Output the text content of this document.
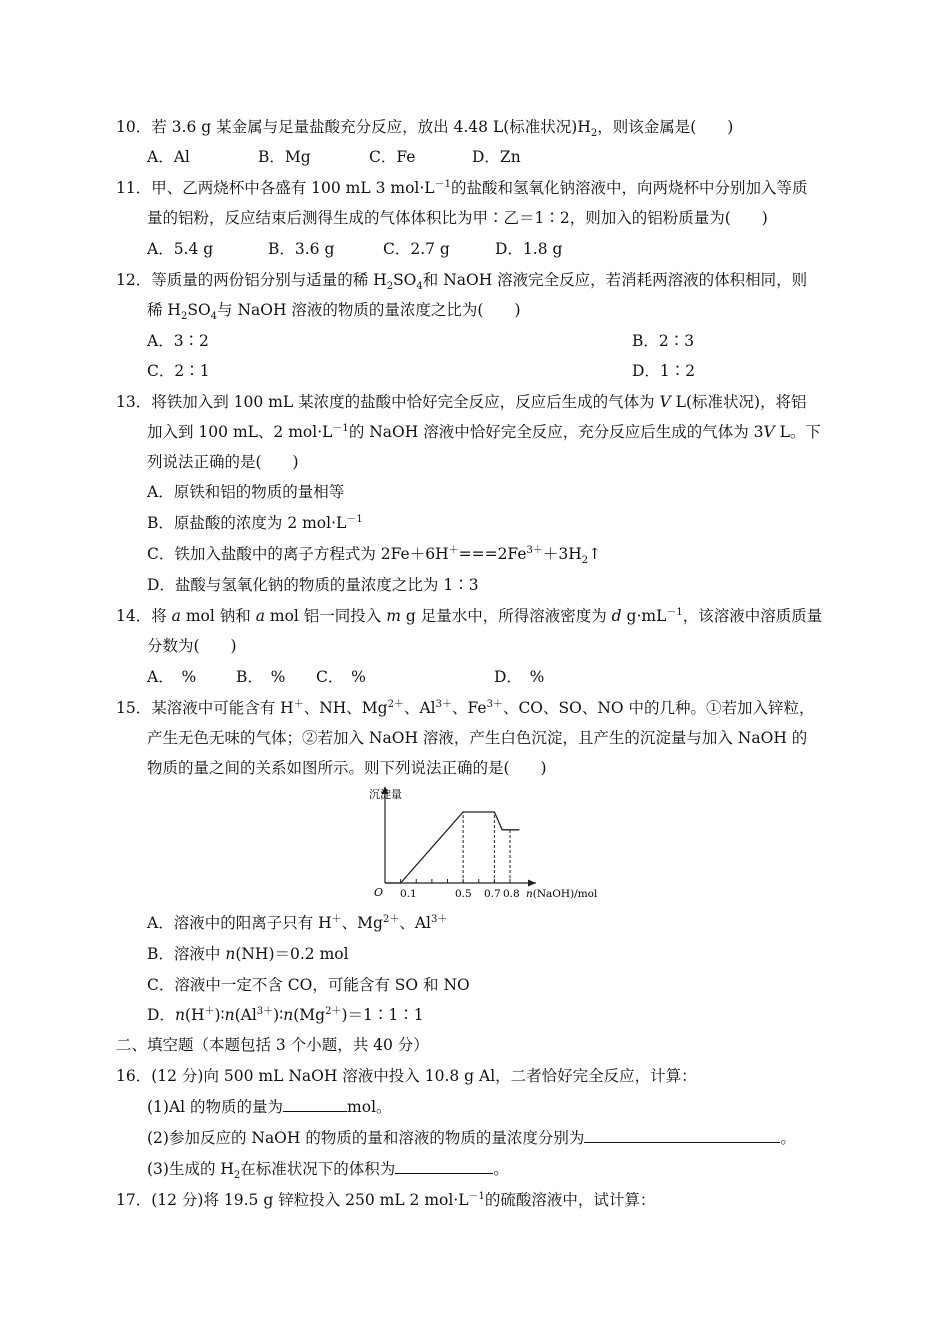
10．若 3.6 g 某金属与足量盐酸充分反应，放出 4.48 L(标准状况)$H_2$，则该金属是(　　)
A．Al	B．Mg	C．Fe	D．Zn
11．甲、乙两烧杯中各盛有 100 mL 3 $mol\cdot L^{-1}$的盐酸和氢氧化钠溶液中，向两烧杯中分别加入等质
量的铝粉，反应结束后测得生成的气体体积比为甲∶乙＝1∶2，则加入的铝粉质量为(　　)
A．5.4 g	B．3.6 g	C．2.7 g	D．1.8 g
12．等质量的两份铝分别与适量的稀 $H_2SO_4$和 NaOH 溶液完全反应，若消耗两溶液的体积相同，则
稀 $H_2SO_4$与 NaOH 溶液的物质的量浓度之比为(　　)
A．3∶2	B．2∶3
C．2∶1	D．1∶2
13．将铁加入到 100 mL 某浓度的盐酸中恰好完全反应，反应后生成的气体为 V L(标准状况)，将铝
加入到 100 mL、2 $mol\cdot L^{-1}$的 NaOH 溶液中恰好完全反应，充分反应后生成的气体为 3V L。下
列说法正确的是(　　)
A．原铁和铝的物质的量相等
B．原盐酸的浓度为 2 $mol\cdot L^{-1}$
C．铁加入盐酸中的离子方程式为 $2Fe+6H^+===2Fe^{3+}+3H_2↑$
D．盐酸与氢氧化钠的物质的量浓度之比为 1∶3
14．将 a mol 钠和 a mol 铝一同投入 m g 足量水中，所得溶液密度为 d $g\cdot mL^{-1}$，该溶液中溶质质量
分数为(　　)
A．　%	B．　% C．　%	D．　%
15．某溶液中可能含有 H＋、NH、$Mg^{2+}$、$Al^{3+}$、$Fe^{3+}$、CO、SO、NO 中的几种。①若加入锌粒，
产生无色无味的气体；②若加入 NaOH 溶液，产生白色沉淀，且产生的沉淀量与加入 NaOH 的
物质的量之间的关系如图所示。则下列说法正确的是(　　)
沉淀量
O 0.1	0.5 0.7 0.8 n(NaOH)/mol
A．溶液中的阳离子只有 H＋、$Mg^{2+}$、$Al^{3+}$
B．溶液中 n(NH)＝0.2 mol
C．溶液中一定不含 CO，可能含有 SO 和 NO
D．$n(H^+)∶n(Al^{3+})∶n(Mg^{2+})=1∶1∶1$
二、填空题（本题包括 3 个小题，共 40 分）
16．(12 分)向 500 mL NaOH 溶液中投入 10.8 g Al，二者恰好完全反应，计算：
(1)Al 的物质的量为	mol。
(2)参加反应的 NaOH 的物质的量和溶液的物质的量浓度分别为	。
(3)生成的 $H_2$在标准状况下的体积为	。
17．(12 分)将 19.5 g 锌粒投入 250 mL 2 $mol\cdot L^{-1}$的硫酸溶液中，试计算：
